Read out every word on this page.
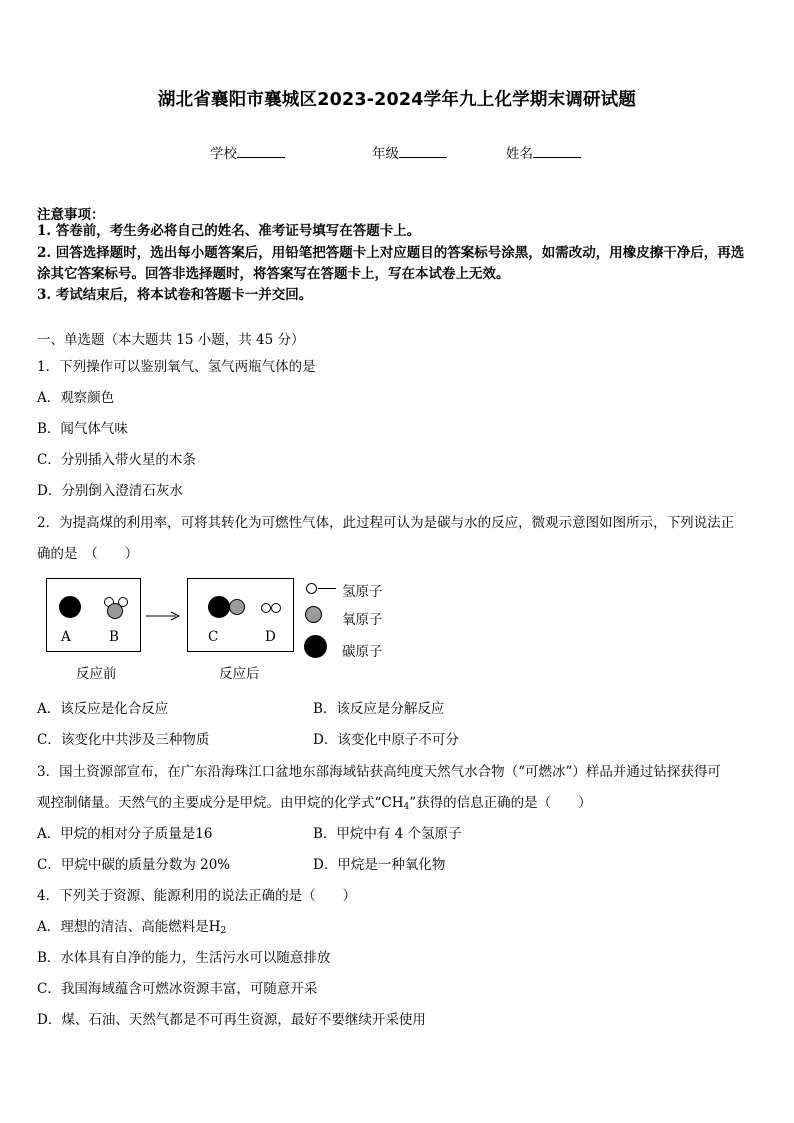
湖北省襄阳市襄城区2023-2024学年九上化学期末调研试题
学校	年级	姓名
注意事项：
1. 答卷前，考生务必将自己的姓名、准考证号填写在答题卡上。
2. 回答选择题时，选出每小题答案后，用铅笔把答题卡上对应题目的答案标号涂黑，如需改动，用橡皮擦干净后，再选涂其它答案标号。回答非选择题时，将答案写在答题卡上，写在本试卷上无效。
3. 考试结束后，将本试卷和答题卡一并交回。
一、单选题（本大题共 15 小题，共 45 分）
1．下列操作可以鉴别氧气、氢气两瓶气体的是
A．观察颜色
B．闻气体气味
C．分别插入带火星的木条
D．分别倒入澄清石灰水
2．为提高煤的利用率，可将其转化为可燃性气体，此过程可认为是碳与水的反应，微观示意图如图所示，下列说法正
确的是　（　　）
A	B	C	D
反应前	反应后
氢原子
氧原子
碳原子
A．该反应是化合反应	B．该反应是分解反应
C．该变化中共涉及三种物质	D．该变化中原子不可分
3．国土资源部宣布，在广东沿海珠江口盆地东部海域钻获高纯度天然气水合物（“可燃冰”）样品并通过钻探获得可
观控制储量。天然气的主要成分是甲烷。由甲烷的化学式“$CH_4$”获得的信息正确的是（　　）
A．甲烷的相对分子质量是16	B．甲烷中有 4 个氢原子
C．甲烷中碳的质量分数为 20%	D．甲烷是一种氧化物
4．下列关于资源、能源利用的说法正确的是（　　）
A．理想的清洁、高能燃料是$H_2$
B．水体具有自净的能力，生活污水可以随意排放
C．我国海域蕴含可燃冰资源丰富，可随意开采
D．煤、石油、天然气都是不可再生资源，最好不要继续开采使用
